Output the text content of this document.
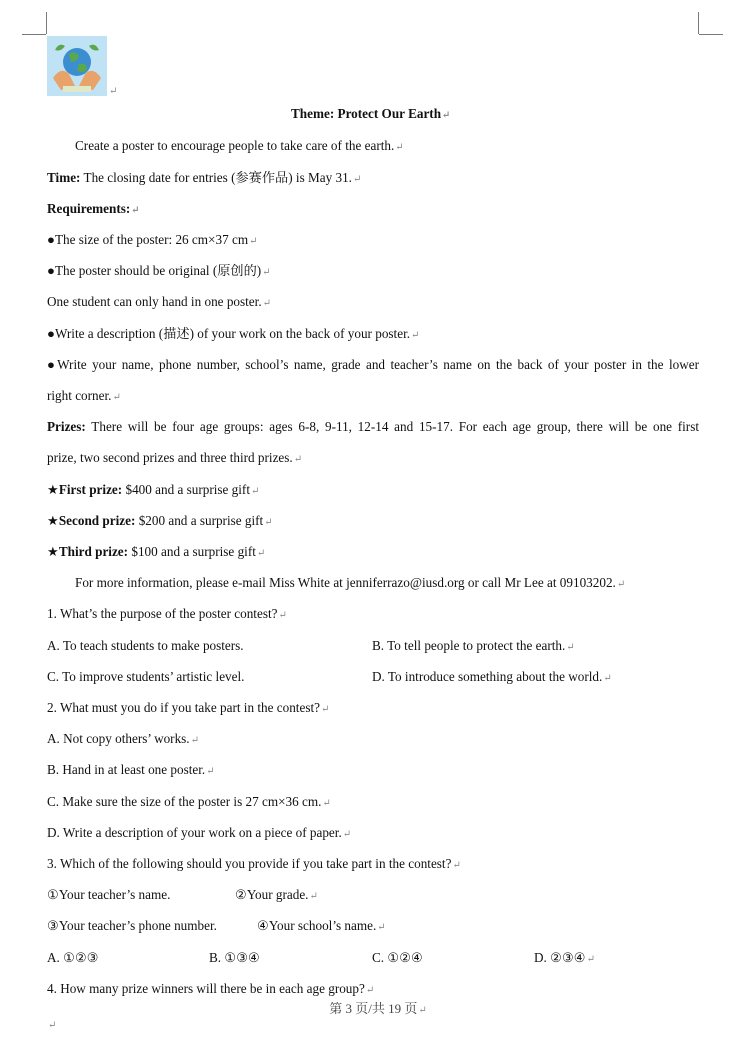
↵
Theme: Protect Our Earth↵
Create a poster to encourage people to take care of the earth.↵
Time: The closing date for entries (参赛作品) is May 31.↵
Requirements:↵
●The size of the poster: 26 cm×37 cm↵
●The poster should be original (原创的)↵
One student can only hand in one poster.↵
●Write a description (描述) of your work on the back of your poster.↵
●Write your name, phone number, school’s name, grade and teacher’s name on the back of your poster in the lower
right corner.↵
Prizes: There will be four age groups: ages 6-8, 9-11, 12-14 and 15-17. For each age group, there will be one first
prize, two second prizes and three third prizes.↵
★First prize: $400 and a surprise gift↵
★Second prize: $200 and a surprise gift↵
★Third prize: $100 and a surprise gift↵
For more information, please e-mail Miss White at jenniferrazo@iusd.org or call Mr Lee at 09103202.↵
1. What’s the purpose of the poster contest?↵
A. To teach students to make posters.	B. To tell people to protect the earth.↵
C. To improve students’ artistic level.	D. To introduce something about the world.↵
2. What must you do if you take part in the contest?↵
A. Not copy others’ works.↵
B. Hand in at least one poster.↵
C. Make sure the size of the poster is 27 cm×36 cm.↵
D. Write a description of your work on a piece of paper.↵
3. Which of the following should you provide if you take part in the contest?↵
①Your teacher’s name.	②Your grade.↵
③Your teacher’s phone number.	④Your school’s name.↵
A. ①②③	B. ①③④	C. ①②④	D. ②③④↵
4. How many prize winners will there be in each age group?↵
↵
第 3 页/共 19 页↵
